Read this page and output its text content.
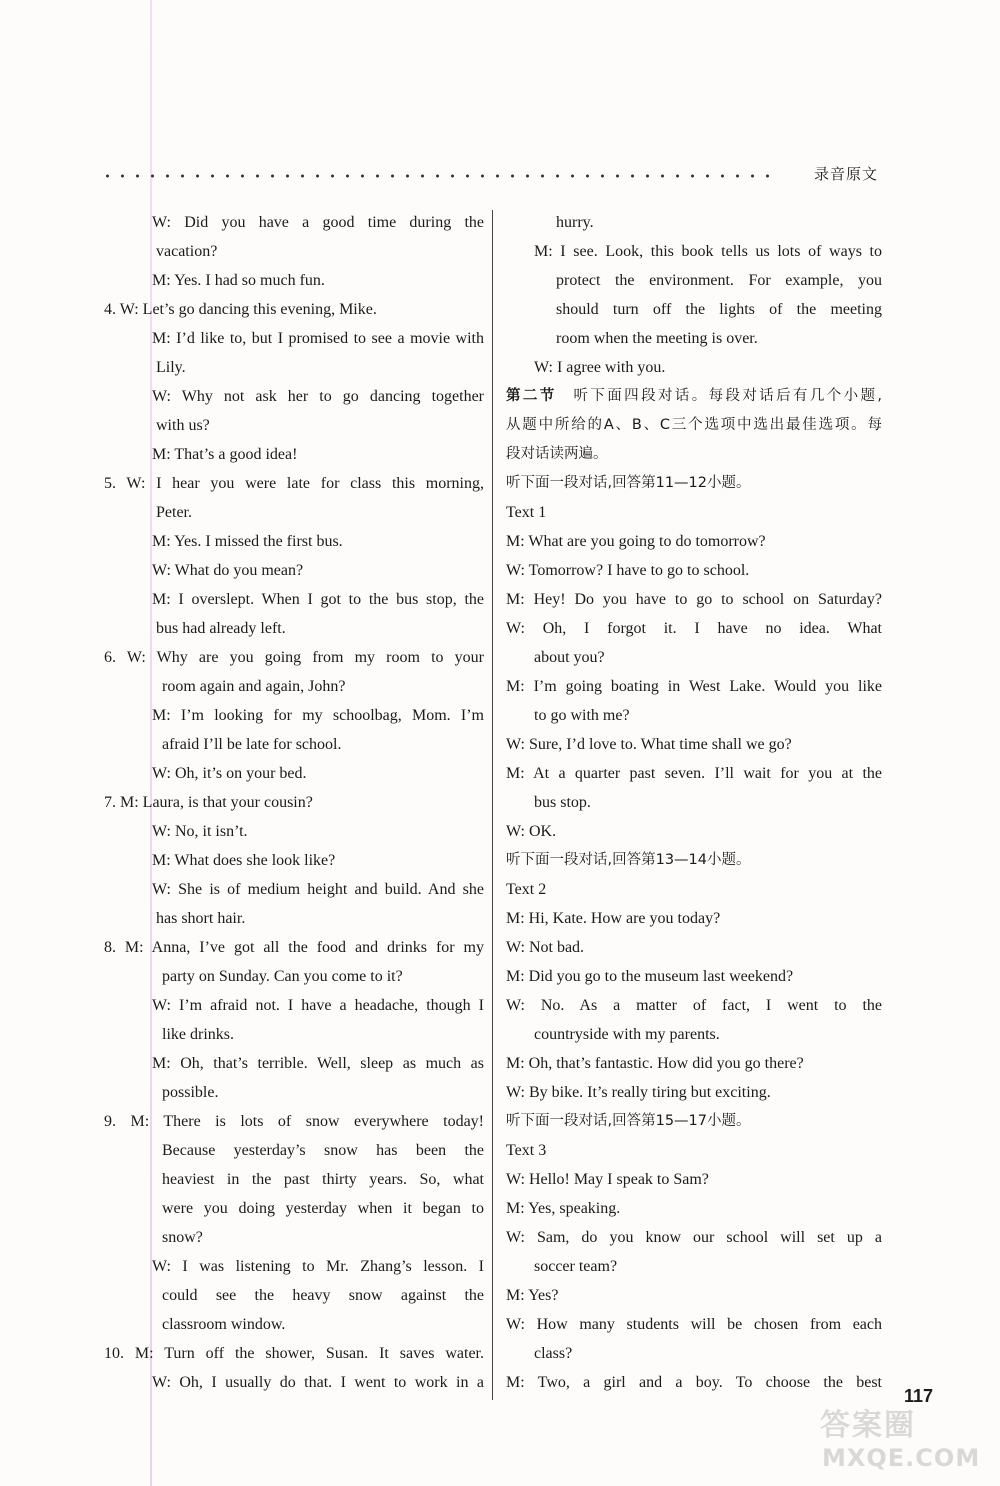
录音原文
W: Did you have a good time during the
vacation?
M: Yes. I had so much fun.
4. W: Let’s go dancing this evening, Mike.
M: I’d like to, but I promised to see a movie with
Lily.
W: Why not ask her to go dancing together
with us?
M: That’s a good idea!
5. W: I hear you were late for class this morning,
Peter.
M: Yes. I missed the first bus.
W: What do you mean?
M: I overslept. When I got to the bus stop, the
bus had already left.
6. W: Why are you going from my room to your
room again and again, John?
M: I’m looking for my schoolbag, Mom. I’m
afraid I’ll be late for school.
W: Oh, it’s on your bed.
7. M: Laura, is that your cousin?
W: No, it isn’t.
M: What does she look like?
W: She is of medium height and build. And she
has short hair.
8. M: Anna, I’ve got all the food and drinks for my
party on Sunday. Can you come to it?
W: I’m afraid not. I have a headache, though I
like drinks.
M: Oh, that’s terrible. Well, sleep as much as
possible.
9. M: There is lots of snow everywhere today!
Because yesterday’s snow has been the
heaviest in the past thirty years. So, what
were you doing yesterday when it began to
snow?
W: I was listening to Mr. Zhang’s lesson. I
could see the heavy snow against the
classroom window.
10. M: Turn off the shower, Susan. It saves water.
W: Oh, I usually do that. I went to work in a
hurry.
M: I see. Look, this book tells us lots of ways to
protect the environment. For example, you
should turn off the lights of the meeting
room when the meeting is over.
W: I agree with you.
第二节　听下面四段对话。每段对话后有几个小题,
从题中所给的A、B、C三个选项中选出最佳选项。每
段对话读两遍。
听下面一段对话,回答第11—12小题。
Text 1
M: What are you going to do tomorrow?
W: Tomorrow? I have to go to school.
M: Hey! Do you have to go to school on Saturday?
W: Oh, I forgot it. I have no idea. What
about you?
M: I’m going boating in West Lake. Would you like
to go with me?
W: Sure, I’d love to. What time shall we go?
M: At a quarter past seven. I’ll wait for you at the
bus stop.
W: OK.
听下面一段对话,回答第13—14小题。
Text 2
M: Hi, Kate. How are you today?
W: Not bad.
M: Did you go to the museum last weekend?
W: No. As a matter of fact, I went to the
countryside with my parents.
M: Oh, that’s fantastic. How did you go there?
W: By bike. It’s really tiring but exciting.
听下面一段对话,回答第15—17小题。
Text 3
W: Hello! May I speak to Sam?
M: Yes, speaking.
W: Sam, do you know our school will set up a
soccer team?
M: Yes?
W: How many students will be chosen from each
class?
M: Two, a girl and a boy. To choose the best
117
答案圈
MXQE.COM
